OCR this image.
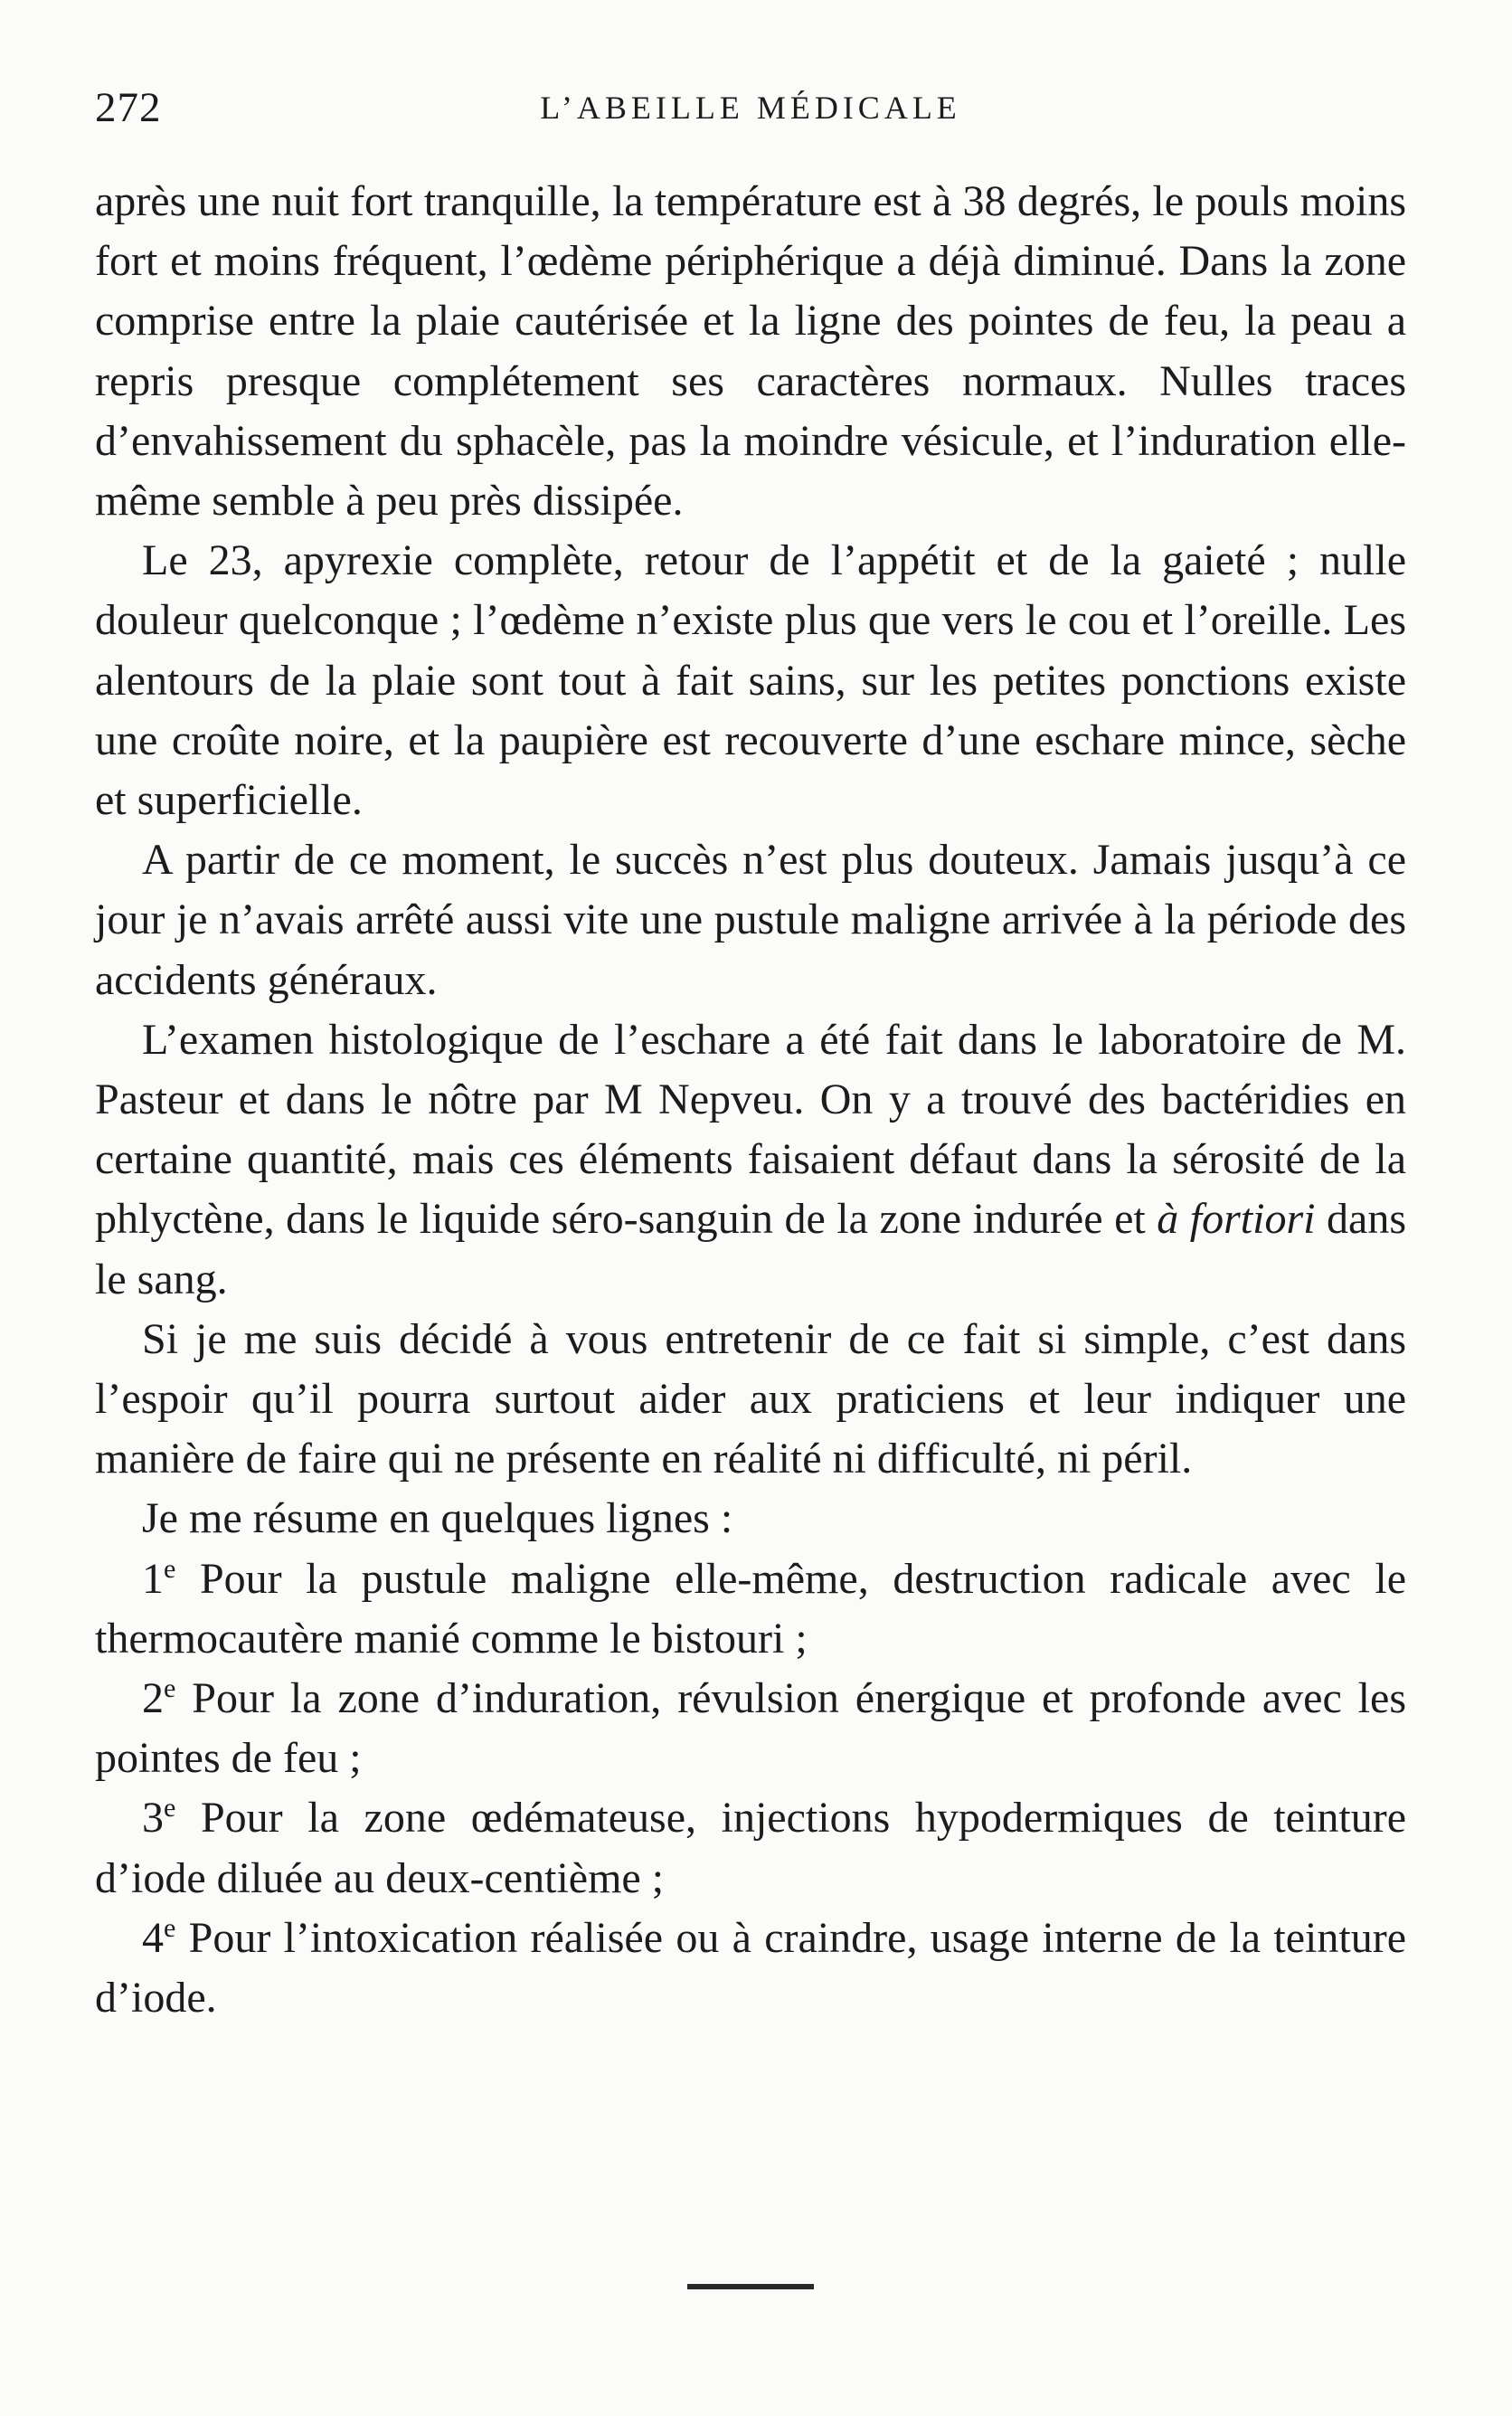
272	L’ABEILLE MÉDICALE

après une nuit fort tranquille, la température est à 38 degrés, le pouls moins fort et moins fréquent, l’œdème périphérique a déjà diminué. Dans la zone comprise entre la plaie cautérisée et la ligne des pointes de feu, la peau a repris presque complétement ses caractères normaux. Nulles traces d’envahissement du sphacèle, pas la moindre vésicule, et l’induration elle-même semble à peu près dissipée.

Le 23, apyrexie complète, retour de l’appétit et de la gaieté ; nulle douleur quelconque ; l’œdème n’existe plus que vers le cou et l’oreille. Les alentours de la plaie sont tout à fait sains, sur les petites ponctions existe une croûte noire, et la paupière est recouverte d’une eschare mince, sèche et superficielle.

A partir de ce moment, le succès n’est plus douteux. Jamais jusqu’à ce jour je n’avais arrêté aussi vite une pustule maligne arrivée à la période des accidents généraux.

L’examen histologique de l’eschare a été fait dans le laboratoire de M. Pasteur et dans le nôtre par M Nepveu. On y a trouvé des bactéridies en certaine quantité, mais ces éléments faisaient défaut dans la sérosité de la phlyctène, dans le liquide séro-sanguin de la zone indurée et à fortiori dans le sang.

Si je me suis décidé à vous entretenir de ce fait si simple, c’est dans l’espoir qu’il pourra surtout aider aux praticiens et leur indiquer une manière de faire qui ne présente en réalité ni difficulté, ni péril.

Je me résume en quelques lignes :

1e Pour la pustule maligne elle-même, destruction radicale avec le thermocautère manié comme le bistouri ;

2e Pour la zone d’induration, révulsion énergique et profonde avec les pointes de feu ;

3e Pour la zone œdémateuse, injections hypodermiques de teinture d’iode diluée au deux-centième ;

4e Pour l’intoxication réalisée ou à craindre, usage interne de la teinture d’iode.
